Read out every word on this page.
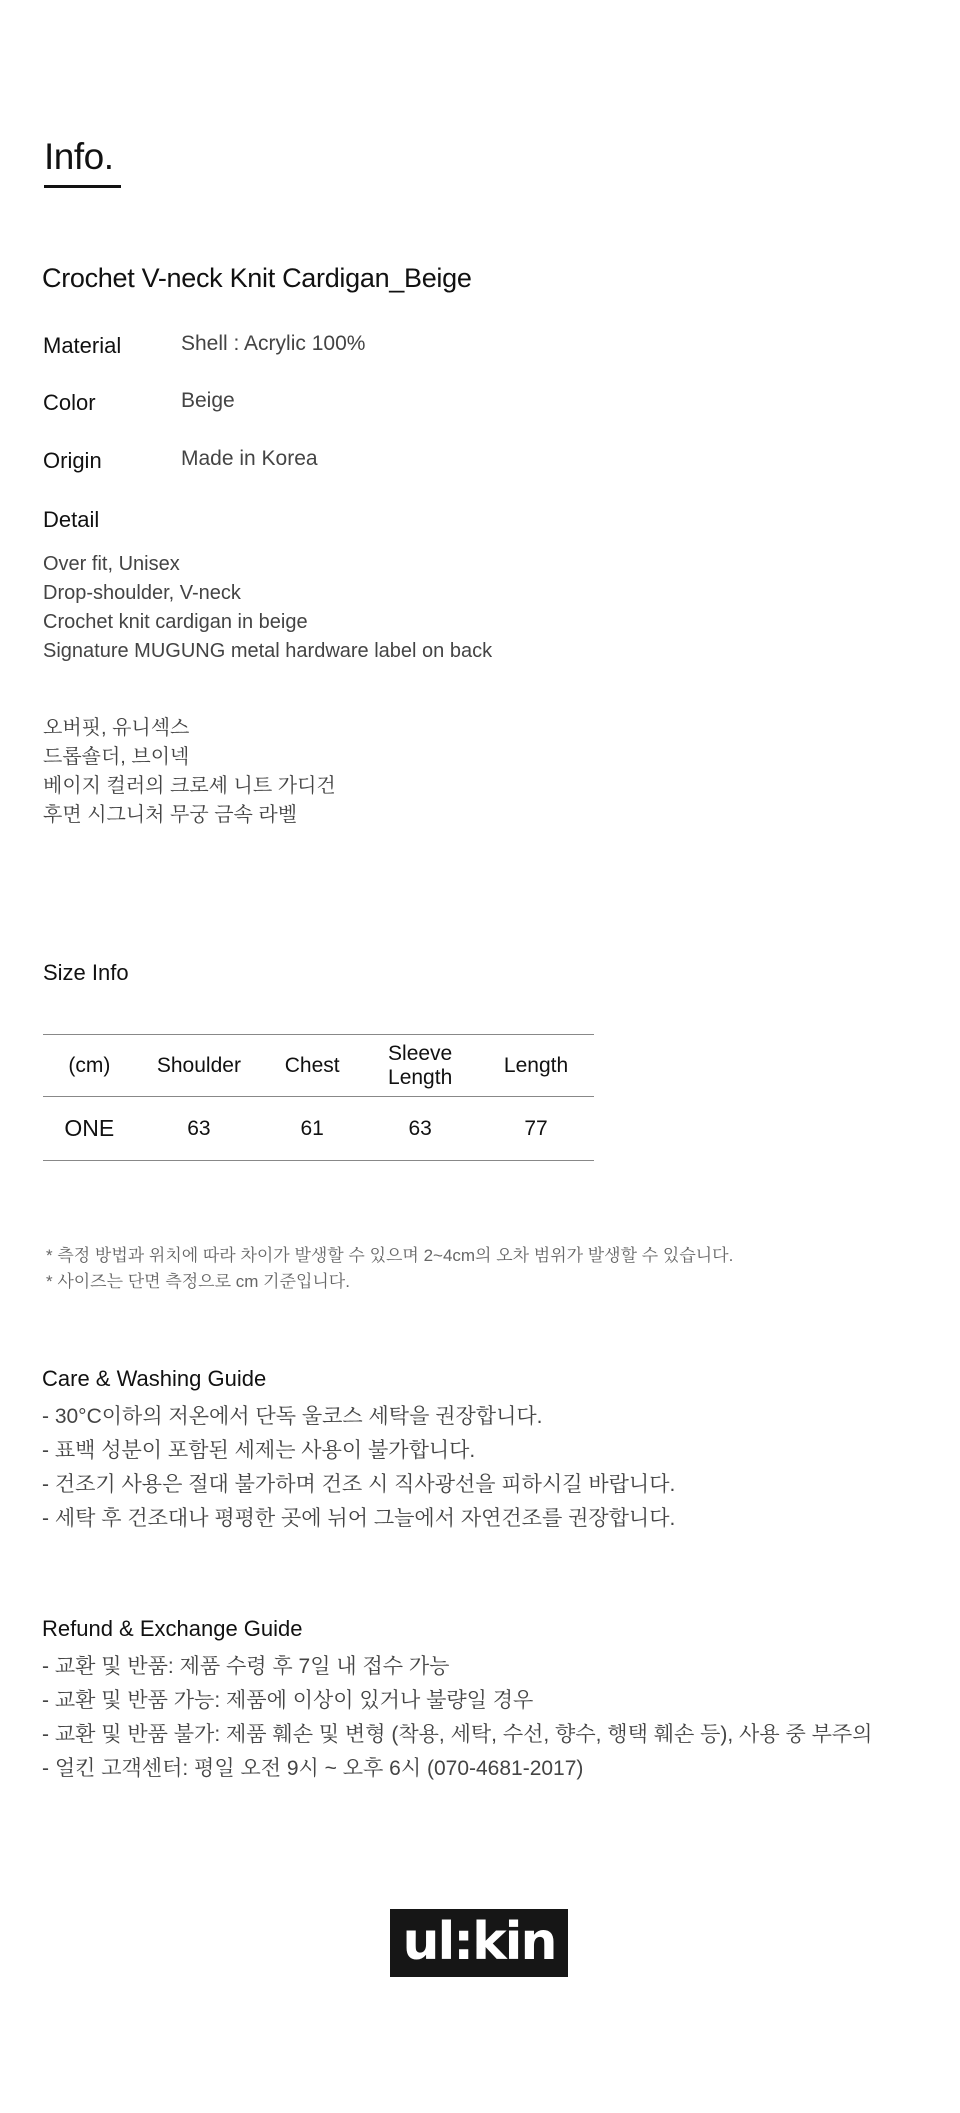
Info.
Crochet V-neck Knit Cardigan_Beige
Material	Shell : Acrylic 100%
Color	Beige
Origin	Made in Korea
Detail
Over fit, Unisex
Drop-shoulder, V-neck
Crochet knit cardigan in beige
Signature MUGUNG metal hardware label on back
오버핏, 유니섹스
드롭숄더, 브이넥
베이지 컬러의 크로셰 니트 가디건
후면 시그니처 무궁 금속 라벨
Size Info
(cm)	Shoulder	Chest	Sleeve Length	Length
ONE	63	61	63	77
* 측정 방법과 위치에 따라 차이가 발생할 수 있으며 2~4cm의 오차 범위가 발생할 수 있습니다.
* 사이즈는 단면 측정으로 cm 기준입니다.
Care & Washing Guide
- 30°C이하의 저온에서 단독 울코스 세탁을 권장합니다.
- 표백 성분이 포함된 세제는 사용이 불가합니다.
- 건조기 사용은 절대 불가하며 건조 시 직사광선을 피하시길 바랍니다.
- 세탁 후 건조대나 평평한 곳에 뉘어 그늘에서 자연건조를 권장합니다.
Refund & Exchange Guide
- 교환 및 반품: 제품 수령 후 7일 내 접수 가능
- 교환 및 반품 가능: 제품에 이상이 있거나 불량일 경우
- 교환 및 반품 불가: 제품 훼손 및 변형 (착용, 세탁, 수선, 향수, 행택 훼손 등), 사용 중 부주의
- 얼킨 고객센터: 평일 오전 9시 ~ 오후 6시 (070-4681-2017)
ul:kin
